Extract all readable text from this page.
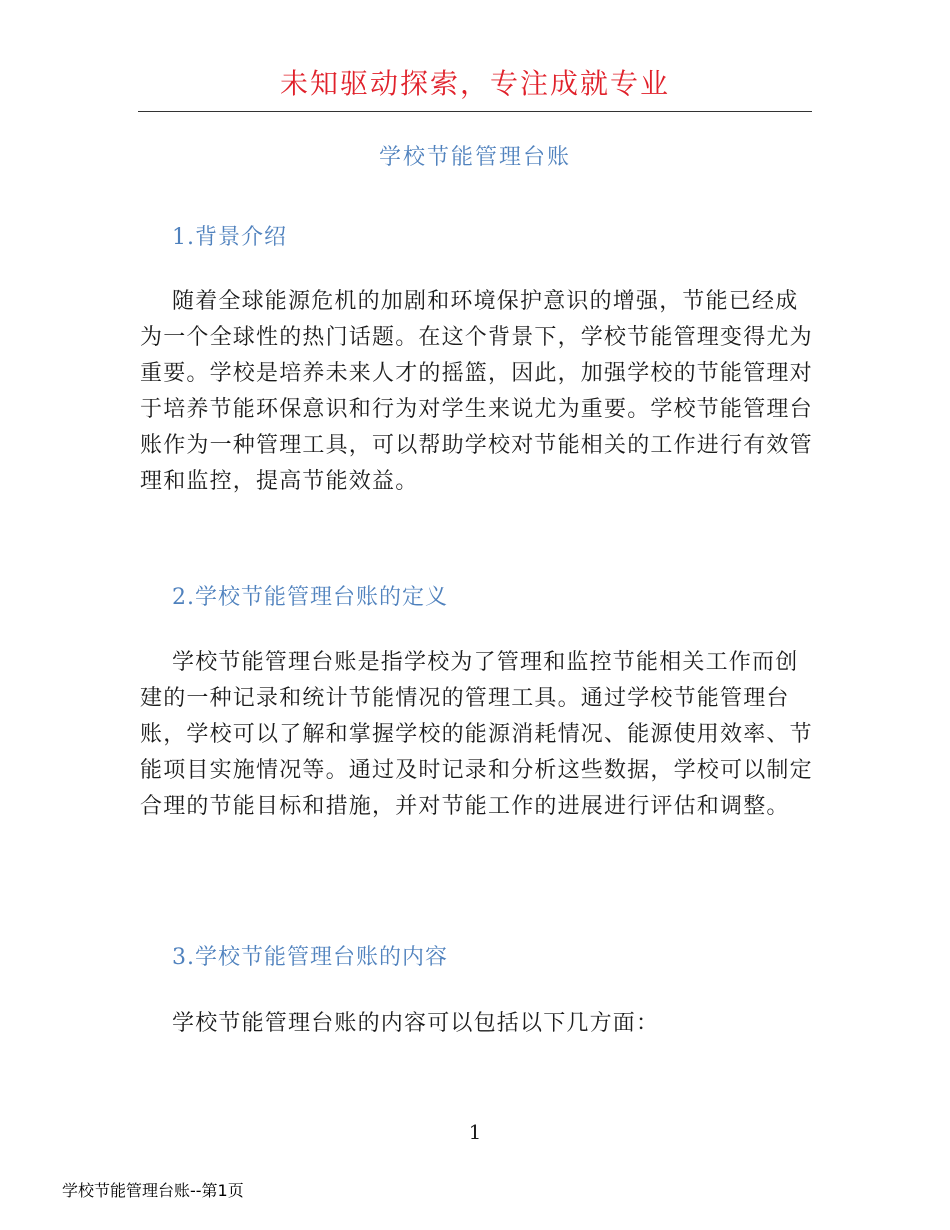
未知驱动探索，专注成就专业
学校节能管理台账
1.背景介绍
随着全球能源危机的加剧和环境保护意识的增强，节能已经成为一个全球性的热门话题。在这个背景下，学校节能管理变得尤为重要。学校是培养未来人才的摇篮，因此，加强学校的节能管理对于培养节能环保意识和行为对学生来说尤为重要。学校节能管理台账作为一种管理工具，可以帮助学校对节能相关的工作进行有效管理和监控，提高节能效益。
2.学校节能管理台账的定义
学校节能管理台账是指学校为了管理和监控节能相关工作而创建的一种记录和统计节能情况的管理工具。通过学校节能管理台账，学校可以了解和掌握学校的能源消耗情况、能源使用效率、节能项目实施情况等。通过及时记录和分析这些数据，学校可以制定合理的节能目标和措施，并对节能工作的进展进行评估和调整。
3.学校节能管理台账的内容
学校节能管理台账的内容可以包括以下几方面：
1
学校节能管理台账--第1页
